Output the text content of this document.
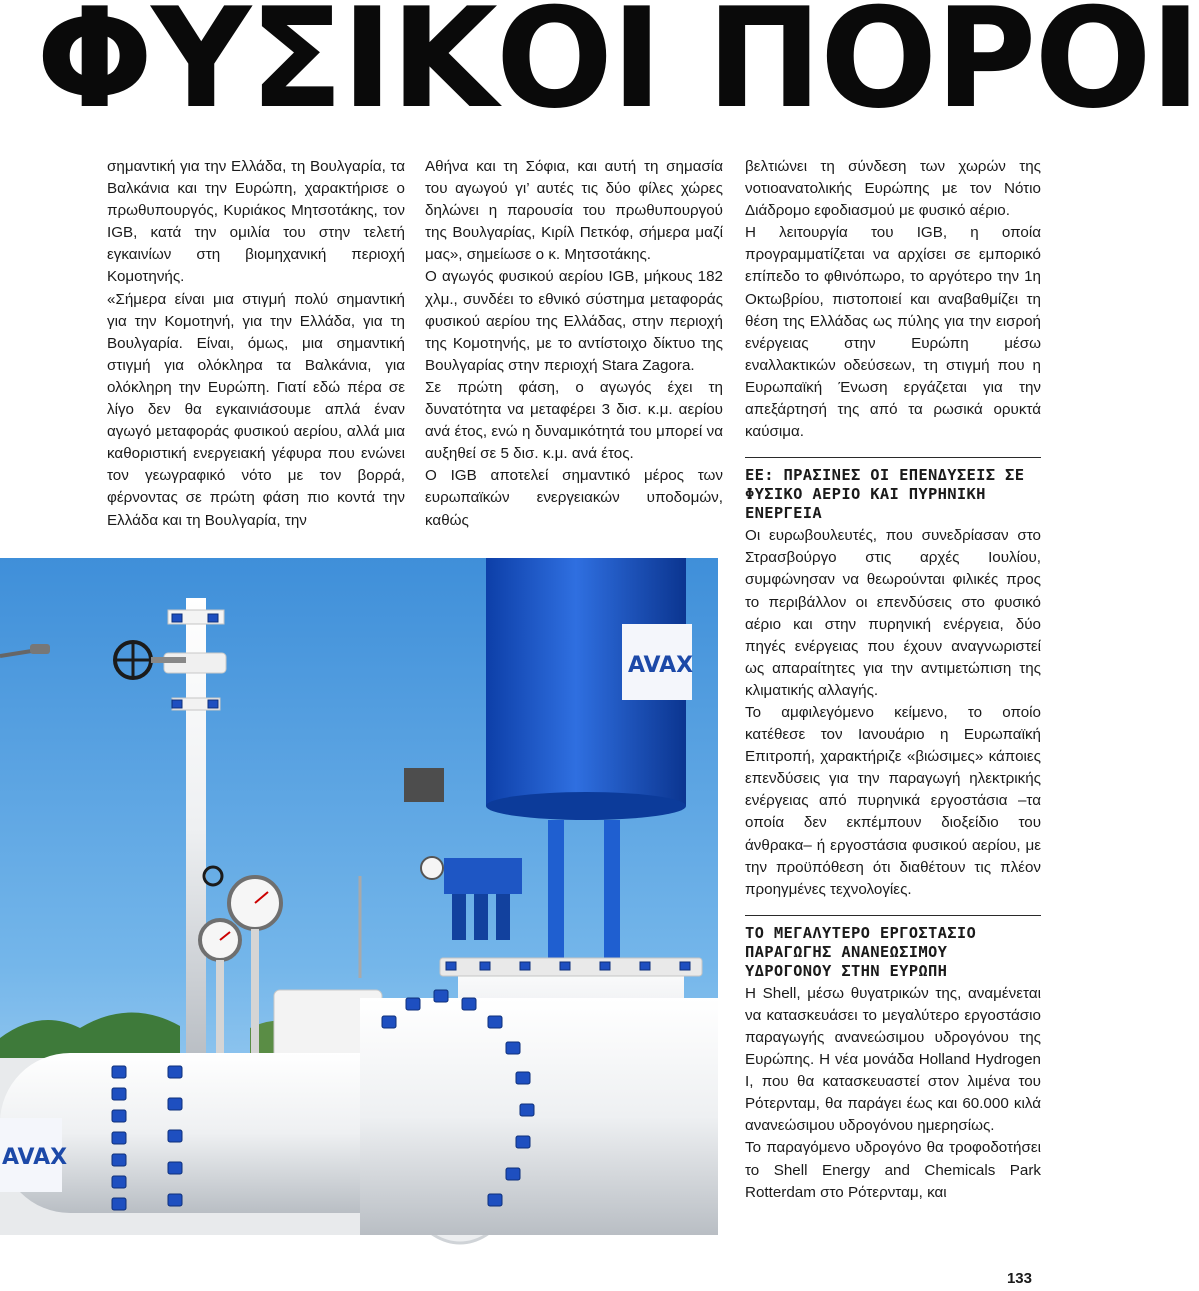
ΦΥΣΙΚΟΙ ΠΟΡΟΙ

σημαντική για την Ελλάδα, τη Βουλγαρία, τα Βαλκάνια και την Ευρώπη, χαρακτήρισε ο πρωθυπουργός, Κυριάκος Μητσοτάκης, τον IGB, κατά την ομιλία του στην τελετή εγκαινίων στη βιομηχανική περιοχή Κομοτηνής.

«Σήμερα είναι μια στιγμή πολύ σημαντική για την Κομοτηνή, για την Ελλάδα, για τη Βουλγαρία. Είναι, όμως, μια σημαντική στιγμή για ολόκληρα τα Βαλκάνια, για ολόκληρη την Ευρώπη. Γιατί εδώ πέρα σε λίγο δεν θα εγκαινιάσουμε απλά έναν αγωγό μεταφοράς φυσικού αερίου, αλλά μια καθοριστική ενεργειακή γέφυρα που ενώνει τον γεωγραφικό νότο με τον βορρά, φέρνοντας σε πρώτη φάση πιο κοντά την Ελλάδα και τη Βουλγαρία, την

Αθήνα και τη Σόφια, και αυτή τη σημασία του αγωγού γι’ αυτές τις δύο φίλες χώρες δηλώνει η παρουσία του πρωθυπουργού της Βουλγαρίας, Κιρίλ Πετκόφ, σήμερα μαζί μας», σημείωσε ο κ. Μητσοτάκης.

Ο αγωγός φυσικού αερίου IGB, μήκους 182 χλμ., συνδέει το εθνικό σύστημα μεταφοράς φυσικού αερίου της Ελλάδας, στην περιοχή της Κομοτηνής, με το αντίστοιχο δίκτυο της Βουλγαρίας στην περιοχή Stara Zagora.

Σε πρώτη φάση, ο αγωγός έχει τη δυνατότητα να μεταφέρει 3 δισ. κ.μ. αερίου ανά έτος, ενώ η δυναμικότητά του μπορεί να αυξηθεί σε 5 δισ. κ.μ. ανά έτος.

Ο IGB αποτελεί σημαντικό μέρος των ευρωπαϊκών ενεργειακών υποδομών, καθώς

βελτιώνει τη σύνδεση των χωρών της νοτιοανατολικής Ευρώπης με τον Νότιο Διάδρομο εφοδιασμού με φυσικό αέριο.

Η λειτουργία του IGB, η οποία προγραμματίζεται να αρχίσει σε εμπορικό επίπεδο το φθινόπωρο, το αργότερο την 1η Οκτωβρίου, πιστοποιεί και αναβαθμίζει τη θέση της Ελλάδας ως πύλης για την εισροή ενέργειας στην Ευρώπη μέσω εναλλακτικών οδεύσεων, τη στιγμή που η Ευρωπαϊκή Ένωση εργάζεται για την απεξάρτησή της από τα ρωσικά ορυκτά καύσιμα.

ΕΕ: ΠΡΑΣΙΝΕΣ ΟΙ ΕΠΕΝΔΥΣΕΙΣ ΣΕ ΦΥΣΙΚΟ ΑΕΡΙΟ ΚΑΙ ΠΥΡΗΝΙΚΗ ΕΝΕΡΓΕΙΑ

Οι ευρωβουλευτές, που συνεδρίασαν στο Στρασβούργο στις αρχές Ιουλίου, συμφώνησαν να θεωρούνται φιλικές προς το περιβάλλον οι επενδύσεις στο φυσικό αέριο και στην πυρηνική ενέργεια, δύο πηγές ενέργειας που έχουν αναγνωριστεί ως απαραίτητες για την αντιμετώπιση της κλιματικής αλλαγής.

Το αμφιλεγόμενο κείμενο, το οποίο κατέθεσε τον Ιανουάριο η Ευρωπαϊκή Επιτροπή, χαρακτήριζε «βιώσιμες» κάποιες επενδύσεις για την παραγωγή ηλεκτρικής ενέργειας από πυρηνικά εργοστάσια –τα οποία δεν εκπέμπουν διοξείδιο του άνθρακα– ή εργοστάσια φυσικού αερίου, με την προϋπόθεση ότι διαθέτουν τις πλέον προηγμένες τεχνολογίες.

ΤΟ ΜΕΓΑΛΥΤΕΡΟ ΕΡΓΟΣΤΑΣΙΟ ΠΑΡΑΓΩΓΗΣ ΑΝΑΝΕΩΣΙΜΟΥ ΥΔΡΟΓΟΝΟΥ ΣΤΗΝ ΕΥΡΩΠΗ

Η Shell, μέσω θυγατρικών της, αναμένεται να κατασκευάσει το μεγαλύτερο εργοστάσιο παραγωγής ανανεώσιμου υδρογόνου της Ευρώπης. Η νέα μονάδα Holland Hydrogen I, που θα κατασκευαστεί στον λιμένα του Ρότερνταμ, θα παράγει έως και 60.000 κιλά ανανεώσιμου υδρογόνου ημερησίως.

Το παραγόμενο υδρογόνο θα τροφοδοτήσει το Shell Energy and Chemicals Park Rotterdam στο Ρότερνταμ, και

AVAX
AVAX
133
